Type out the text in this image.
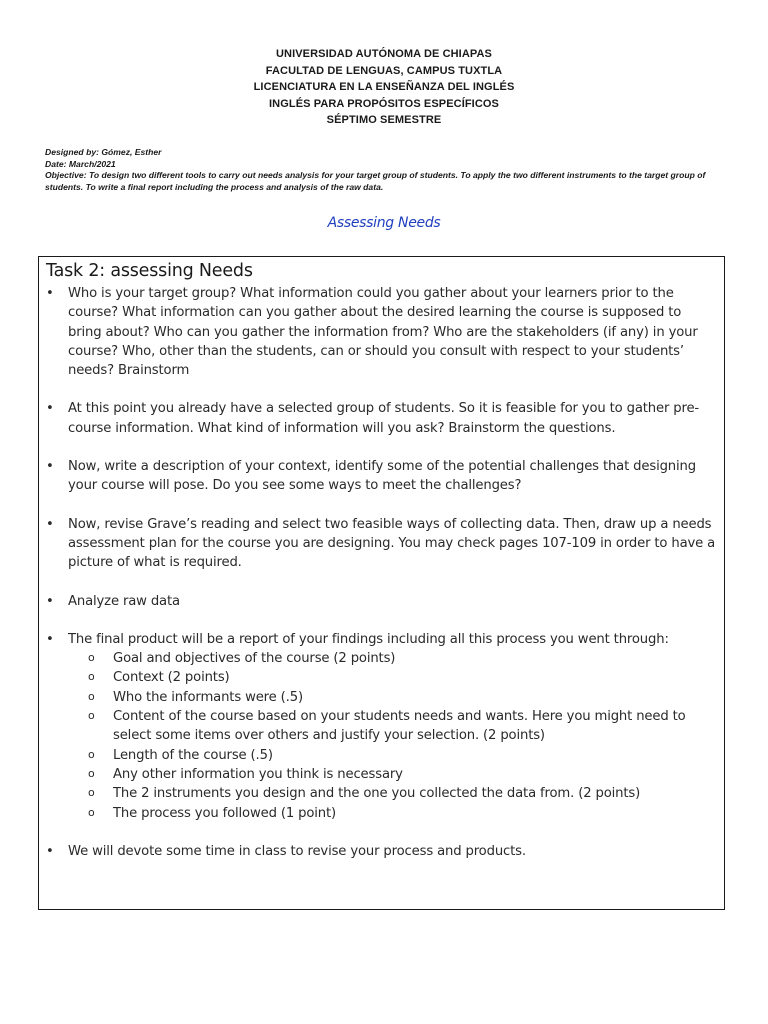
UNIVERSIDAD AUTÓNOMA DE CHIAPAS
FACULTAD DE LENGUAS, CAMPUS TUXTLA
LICENCIATURA EN LA ENSEÑANZA DEL INGLÉS
INGLÉS PARA PROPÓSITOS ESPECÍFICOS
SÉPTIMO SEMESTRE
Designed by: Gómez, Esther
Date: March/2021
Objective: To design two different tools to carry out needs analysis for your target group of students. To apply the two different instruments to the target group of students. To write a final report including the process and analysis of the raw data.
Assessing Needs
Task 2: assessing Needs
• Who is your target group? What information could you gather about your learners prior to the course? What information can you gather about the desired learning the course is supposed to bring about? Who can you gather the information from? Who are the stakeholders (if any) in your course? Who, other than the students, can or should you consult with respect to your students’ needs? Brainstorm
• At this point you already have a selected group of students. So it is feasible for you to gather pre-course information. What kind of information will you ask? Brainstorm the questions.
• Now, write a description of your context, identify some of the potential challenges that designing your course will pose. Do you see some ways to meet the challenges?
• Now, revise Grave’s reading and select two feasible ways of collecting data. Then, draw up a needs assessment plan for the course you are designing. You may check pages 107-109 in order to have a picture of what is required.
• Analyze raw data
• The final product will be a report of your findings including all this process you went through:
o Goal and objectives of the course (2 points)
o Context (2 points)
o Who the informants were (.5)
o Content of the course based on your students needs and wants. Here you might need to select some items over others and justify your selection. (2 points)
o Length of the course (.5)
o Any other information you think is necessary
o The 2 instruments you design and the one you collected the data from. (2 points)
o The process you followed (1 point)
• We will devote some time in class to revise your process and products.
